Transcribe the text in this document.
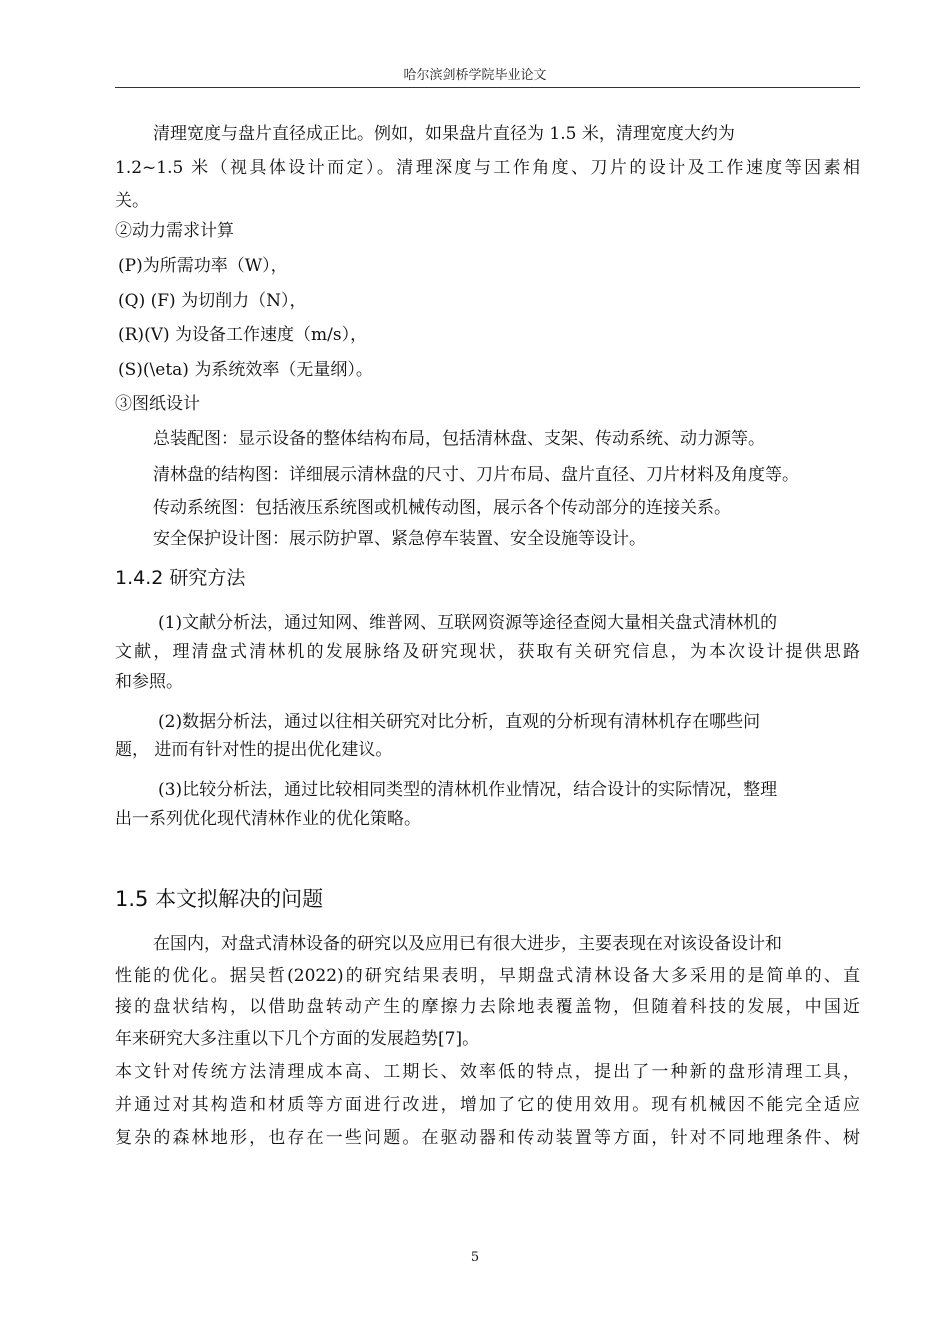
哈尔滨剑桥学院毕业论文
清理宽度与盘片直径成正比。例如，如果盘片直径为 1.5 米，清理宽度大约为
1.2~1.5 米（视具体设计而定）。清理深度与工作角度、刀片的设计及工作速度等因素相
关。
②动力需求计算
(P)为所需功率（W），
(Q) (F) 为切削力（N），
(R)(V) 为设备工作速度（m/s），
(S)(\eta) 为系统效率（无量纲）。
③图纸设计
总装配图：显示设备的整体结构布局，包括清林盘、支架、传动系统、动力源等。
清林盘的结构图：详细展示清林盘的尺寸、刀片布局、盘片直径、刀片材料及角度等。
传动系统图：包括液压系统图或机械传动图，展示各个传动部分的连接关系。
安全保护设计图：展示防护罩、紧急停车装置、安全设施等设计。
1.4.2 研究方法
(1)文献分析法，通过知网、维普网、互联网资源等途径查阅大量相关盘式清林机的
文献，理清盘式清林机的发展脉络及研究现状，获取有关研究信息，为本次设计提供思路
和参照。
(2)数据分析法，通过以往相关研究对比分析，直观的分析现有清林机存在哪些问
题， 进而有针对性的提出优化建议。
(3)比较分析法，通过比较相同类型的清林机作业情况，结合设计的实际情况，整理
出一系列优化现代清林作业的优化策略。
1.5 本文拟解决的问题
在国内，对盘式清林设备的研究以及应用已有很大进步，主要表现在对该设备设计和
性能的优化。据吴哲(2022)的研究结果表明，早期盘式清林设备大多采用的是简单的、直
接的盘状结构，以借助盘转动产生的摩擦力去除地表覆盖物，但随着科技的发展，中国近
年来研究大多注重以下几个方面的发展趋势[7]。
本文针对传统方法清理成本高、工期长、效率低的特点，提出了一种新的盘形清理工具，
并通过对其构造和材质等方面进行改进，增加了它的使用效用。现有机械因不能完全适应
复杂的森林地形，也存在一些问题。在驱动器和传动装置等方面，针对不同地理条件、树
5
